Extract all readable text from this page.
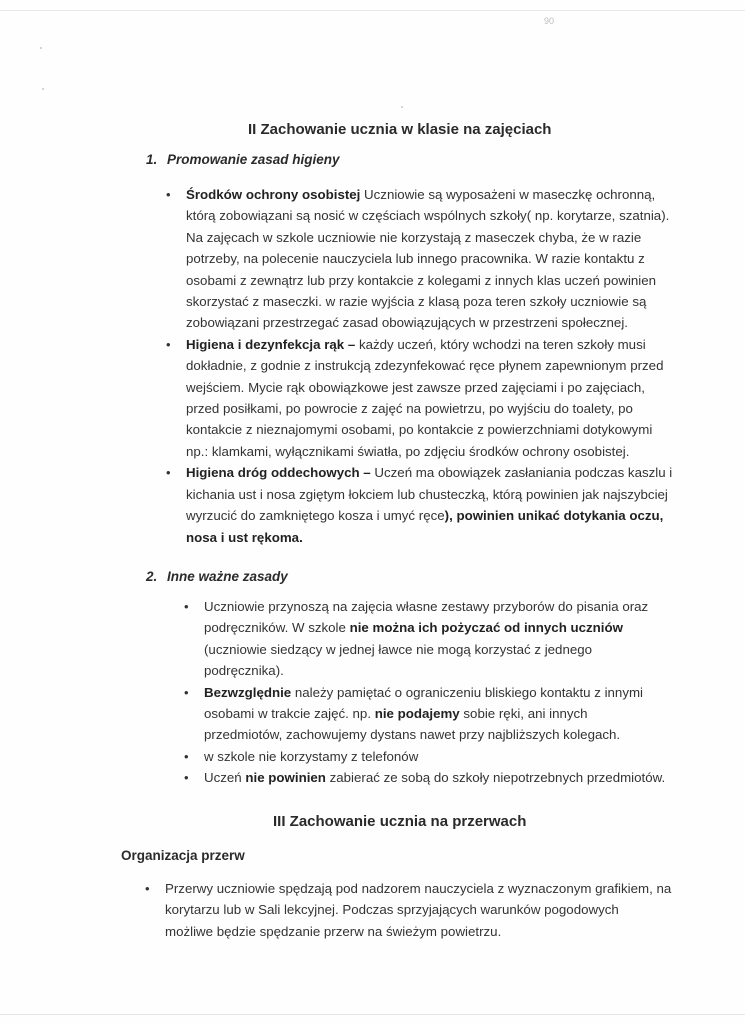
90
II Zachowanie ucznia w klasie na zajęciach
1. Promowanie zasad higieny
• Środków ochrony osobistej Uczniowie są wyposażeni w maseczkę ochronną,
którą zobowiązani są nosić w częściach wspólnych szkoły( np. korytarze, szatnia).
Na zajęcach w szkole uczniowie nie korzystają z maseczek chyba, że w razie
potrzeby, na polecenie nauczyciela lub innego pracownika. W razie kontaktu z
osobami z zewnątrz lub przy kontakcie z kolegami z innych klas uczeń powinien
skorzystać z maseczki. w razie wyjścia z klasą poza teren szkoły uczniowie są
zobowiązani przestrzegać zasad obowiązujących w przestrzeni społecznej.
• Higiena i dezynfekcja rąk – każdy uczeń, który wchodzi na teren szkoły musi
dokładnie, z godnie z instrukcją zdezynfekować ręce płynem zapewnionym przed
wejściem. Mycie rąk obowiązkowe jest zawsze przed zajęciami i po zajęciach,
przed posiłkami, po powrocie z zajęć na powietrzu, po wyjściu do toalety, po
kontakcie z nieznajomymi osobami, po kontakcie z powierzchniami dotykowymi
np.: klamkami, wyłącznikami światła, po zdjęciu środków ochrony osobistej.
• Higiena dróg oddechowych – Uczeń ma obowiązek zasłaniania podczas kaszlu i
kichania ust i nosa zgiętym łokciem lub chusteczką, którą powinien jak najszybciej
wyrzucić do zamkniętego kosza i umyć ręce), powinien unikać dotykania oczu,
nosa i ust rękoma.
2. Inne ważne zasady
• Uczniowie przynoszą na zajęcia własne zestawy przyborów do pisania oraz
podręczników. W szkole nie można ich pożyczać od innych uczniów
(uczniowie siedzący w jednej ławce nie mogą korzystać z jednego
podręcznika).
• Bezwzględnie należy pamiętać o ograniczeniu bliskiego kontaktu z innymi
osobami w trakcie zajęć. np. nie podajemy sobie ręki, ani innych
przedmiotów, zachowujemy dystans nawet przy najbliższych kolegach.
• w szkole nie korzystamy z telefonów
• Uczeń nie powinien zabierać ze sobą do szkoły niepotrzebnych przedmiotów.
III Zachowanie ucznia na przerwach
Organizacja przerw
• Przerwy uczniowie spędzają pod nadzorem nauczyciela z wyznaczonym grafikiem, na
korytarzu lub w Sali lekcyjnej. Podczas sprzyjających warunków pogodowych
możliwe będzie spędzanie przerw na świeżym powietrzu.
